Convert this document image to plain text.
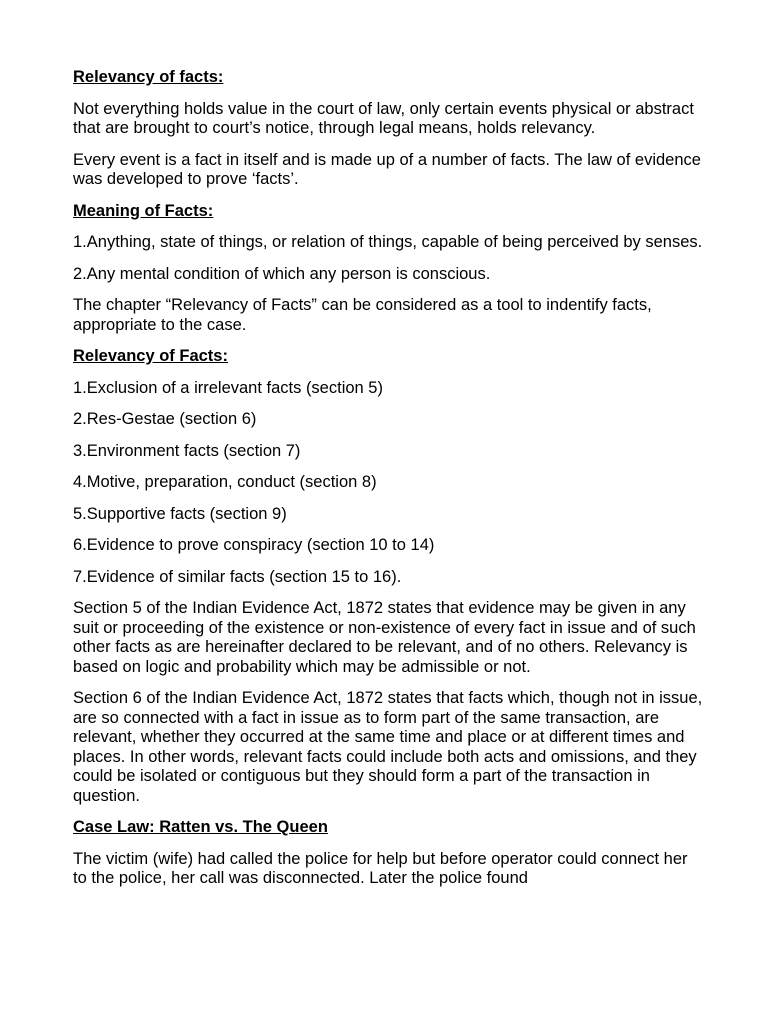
Relevancy of facts:

Not everything holds value in the court of law, only certain events physical or abstract that are brought to court’s notice, through legal means, holds relevancy.

Every event is a fact in itself and is made up of a number of facts. The law of evidence was developed to prove ‘facts’.

Meaning of Facts:

1.Anything, state of things, or relation of things, capable of being perceived by senses.

2.Any mental condition of which any person is conscious.

The chapter “Relevancy of Facts” can be considered as a tool to indentify facts, appropriate to the case.

Relevancy of Facts:

1.Exclusion of a irrelevant facts (section 5)

2.Res-Gestae (section 6)

3.Environment facts (section 7)

4.Motive, preparation, conduct (section 8)

5.Supportive facts (section 9)

6.Evidence to prove conspiracy (section 10 to 14)

7.Evidence of similar facts (section 15 to 16).

Section 5 of the Indian Evidence Act, 1872 states that evidence may be given in any suit or proceeding of the existence or non-existence of every fact in issue and of such other facts as are hereinafter declared to be relevant, and of no others. Relevancy is based on logic and probability which may be admissible or not.

Section 6 of the Indian Evidence Act, 1872 states that facts which, though not in issue, are so connected with a fact in issue as to form part of the same transaction, are relevant, whether they occurred at the same time and place or at different times and places. In other words, relevant facts could include both acts and omissions, and they could be isolated or contiguous but they should form a part of the transaction in question.

Case Law: Ratten vs. The Queen

The victim (wife) had called the police for help but before operator could connect her to the police, her call was disconnected. Later the police found
